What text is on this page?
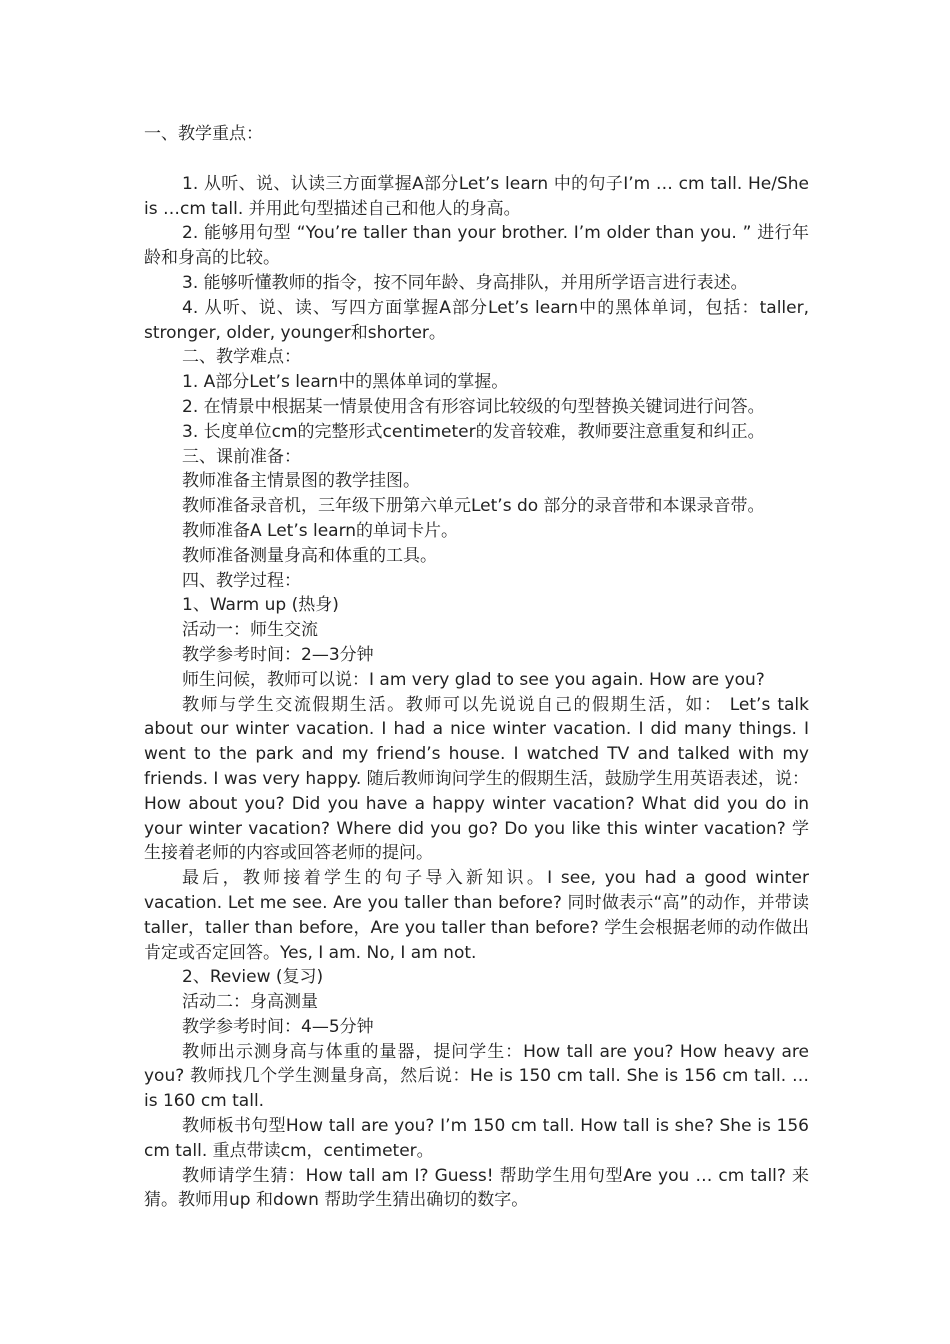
一、教学重点：

1. 从听、说、认读三方面掌握A部分Let’s learn 中的句子I’m … cm tall. He/She is …cm tall. 并用此句型描述自己和他人的身高。

2. 能够用句型 “You’re taller than your brother. I’m older than you. ” 进行年龄和身高的比较。

3. 能够听懂教师的指令，按不同年龄、身高排队，并用所学语言进行表述。

4. 从听、说、读、写四方面掌握A部分Let’s learn中的黑体单词，包括：taller, stronger, older, younger和shorter。

二、教学难点：

1. A部分Let’s learn中的黑体单词的掌握。

2. 在情景中根据某一情景使用含有形容词比较级的句型替换关键词进行问答。

3. 长度单位cm的完整形式centimeter的发音较难，教师要注意重复和纠正。

三、课前准备：

教师准备主情景图的教学挂图。

教师准备录音机，三年级下册第六单元Let’s do 部分的录音带和本课录音带。

教师准备A Let’s learn的单词卡片。

教师准备测量身高和体重的工具。

四、教学过程：

1、Warm up (热身)

活动一：师生交流

教学参考时间：2—3分钟

师生问候，教师可以说：I am very glad to see you again. How are you?

教师与学生交流假期生活。教师可以先说说自己的假期生活，如： Let’s talk about our winter vacation. I had a nice winter vacation. I did many things. I went to the park and my friend’s house. I watched TV and talked with my friends. I was very happy. 随后教师询问学生的假期生活，鼓励学生用英语表述，说： How about you? Did you have a happy winter vacation? What did you do in your winter vacation? Where did you go? Do you like this winter vacation? 学生接着老师的内容或回答老师的提问。

最后，教师接着学生的句子导入新知识。I see, you had a good winter vacation. Let me see. Are you taller than before? 同时做表示“高”的动作，并带读taller，taller than before，Are you taller than before? 学生会根据老师的动作做出肯定或否定回答。Yes, I am. No, I am not.

2、Review (复习)

活动二：身高测量

教学参考时间：4—5分钟

教师出示测身高与体重的量器，提问学生：How tall are you? How heavy are you? 教师找几个学生测量身高，然后说：He is 150 cm tall. She is 156 cm tall. … is 160 cm tall.

教师板书句型How tall are you? I’m 150 cm tall. How tall is she? She is 156 cm tall. 重点带读cm，centimeter。

教师请学生猜：How tall am I? Guess! 帮助学生用句型Are you … cm tall? 来猜。教师用up 和down 帮助学生猜出确切的数字。
